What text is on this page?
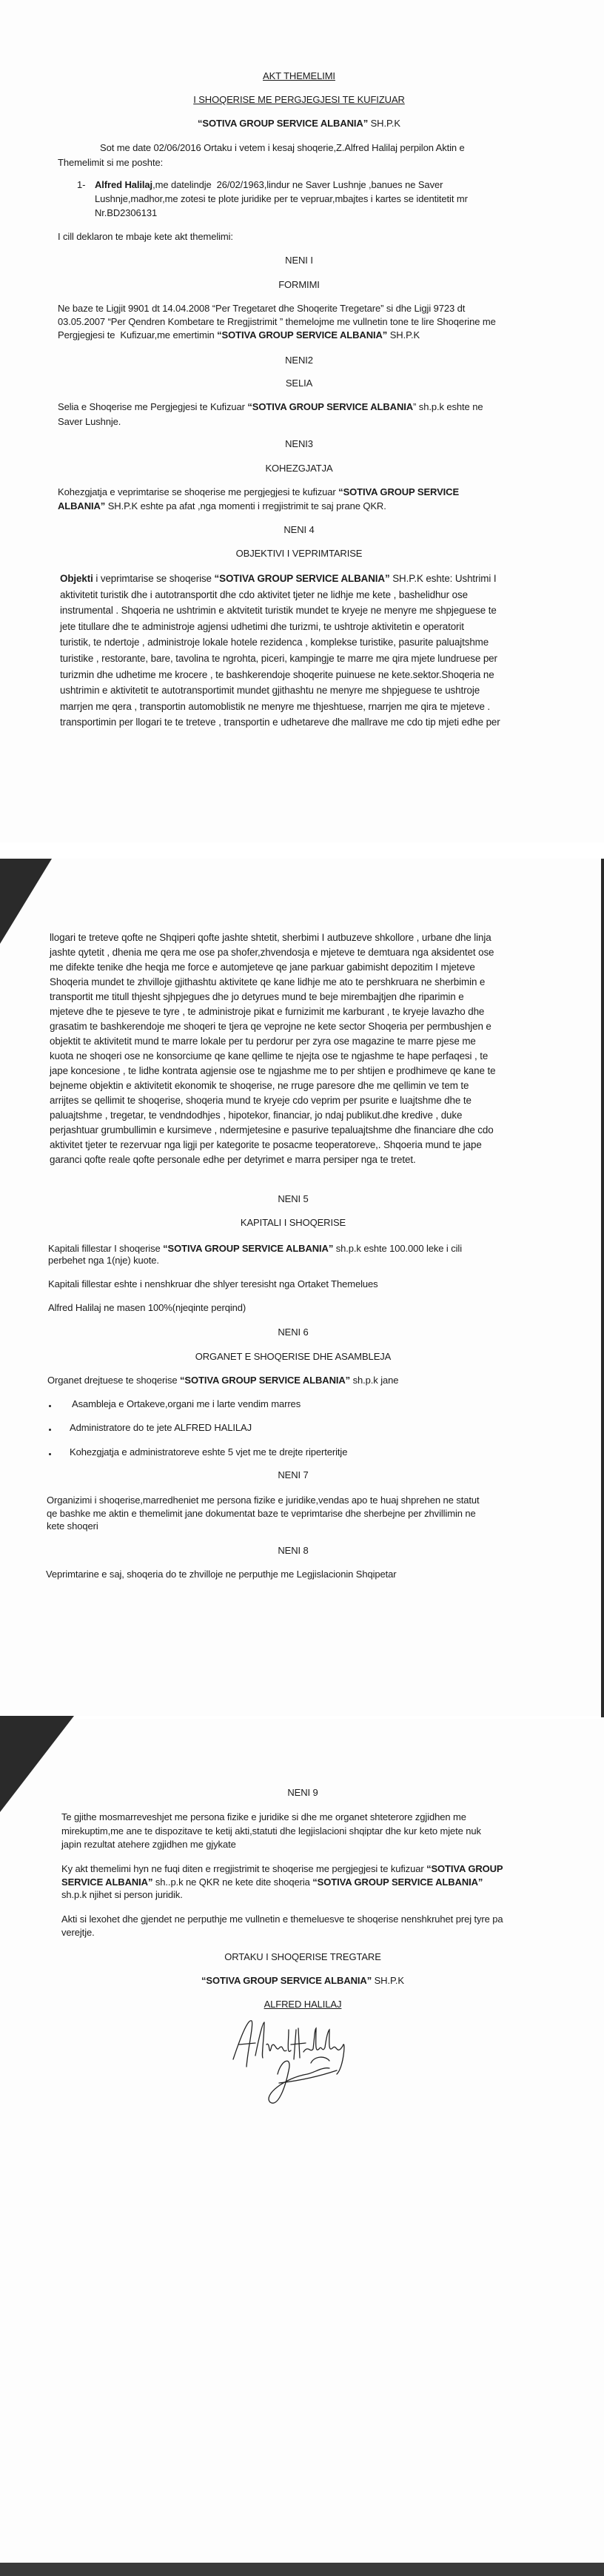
AKT THEMELIMI
I SHOQERISE ME PERGJEGJESI TE KUFIZUAR
“SOTIVA GROUP SERVICE ALBANIA” SH.P.K
Sot me date 02/06/2016 Ortaku i vetem i kesaj shoqerie,Z.Alfred Halilaj perpilon Aktin e
Themelimit si me poshte:
1- Alfred Halilaj,me datelindje  26/02/1963,lindur ne Saver Lushnje ,banues ne Saver
Lushnje,madhor,me zotesi te plote juridike per te vepruar,mbajtes i kartes se identitetit mr
Nr.BD2306131
I cill deklaron te mbaje kete akt themelimi:
NENI I
FORMIMI
Ne baze te Ligjit 9901 dt 14.04.2008 “Per Tregetaret dhe Shoqerite Tregetare” si dhe Ligji 9723 dt
03.05.2007 “Per Qendren Kombetare te Rregjistrimit ” themelojme me vullnetin tone te lire Shoqerine me
Pergjegjesi te  Kufizuar,me emertimin “SOTIVA GROUP SERVICE ALBANIA” SH.P.K
NENI2
SELIA
Selia e Shoqerise me Pergjegjesi te Kufizuar “SOTIVA GROUP SERVICE ALBANIA” sh.p.k eshte ne
Saver Lushnje.
NENI3
KOHEZGJATJA
Kohezgjatja e veprimtarise se shoqerise me pergjegjesi te kufizuar “SOTIVA GROUP SERVICE
ALBANIA” SH.P.K eshte pa afat ,nga momenti i rregjistrimit te saj prane QKR.
NENI 4
OBJEKTIVI I VEPRIMTARISE
Objekti i veprimtarise se shoqerise “SOTIVA GROUP SERVICE ALBANIA” SH.P.K eshte: Ushtrimi I
aktivitetit turistik dhe i autotransportit dhe cdo aktivitet tjeter ne lidhje me kete , bashelidhur ose
instrumental . Shqoeria ne ushtrimin e aktvitetit turistik mundet te kryeje ne menyre me shpjeguese te
jete titullare dhe te administroje agjensi udhetimi dhe turizmi, te ushtroje aktivitetin e operatorit
turistik, te ndertoje , administroje lokale hotele rezidenca , komplekse turistike, pasurite paluajtshme
turistike , restorante, bare, tavolina te ngrohta, piceri, kampingje te marre me qira mjete lundruese per
turizmin dhe udhetime me krocere , te bashkerendoje shoqerite puinuese ne kete.sektor.Shoqeria ne
ushtrimin e aktivitetit te autotransportimit mundet gjithashtu ne menyre me shpjeguese te ushtroje
marrjen me qera , transportin automoblistik ne menyre me thjeshtuese, rnarrjen me qira te mjeteve .
transportimin per llogari te te treteve , transportin e udhetareve dhe mallrave me cdo tip mjeti edhe per
llogari te treteve qofte ne Shqiperi qofte jashte shtetit, sherbimi I autbuzeve shkollore , urbane dhe linja
jashte qytetit , dhenia me qera me ose pa shofer,zhvendosja e mjeteve te demtuara nga aksidentet ose
me difekte tenike dhe heqja me force e automjeteve qe jane parkuar gabimisht depozitim I mjeteve
Shoqeria mundet te zhvilloje gjithashtu aktivitete qe kane lidhje me ato te pershkruara ne sherbimin e
transportit me titull thjesht sjhpjegues dhe jo detyrues mund te beje mirembajtjen dhe riparimin e
mjeteve dhe te pjeseve te tyre , te administroje pikat e furnizimit me karburant , te kryeje lavazho dhe
grasatim te bashkerendoje me shoqeri te tjera qe veprojne ne kete sector Shoqeria per permbushjen e
objektit te aktivitetit mund te marre lokale per tu perdorur per zyra ose magazine te marre pjese me
kuota ne shoqeri ose ne konsorciume qe kane qellime te njejta ose te ngjashme te hape perfaqesi , te
jape koncesione , te lidhe kontrata agjensie ose te ngjashme me to per shtijen e prodhimeve qe kane te
bejneme objektin e aktivitetit ekonomik te shoqerise, ne rruge paresore dhe me qellimin ve tem te
arrijtes se qellimit te shoqerise, shoqeria mund te kryeje cdo veprim per psurite e luajtshme dhe te
paluajtshme , tregetar, te vendndodhjes , hipotekor, financiar, jo ndaj publikut.dhe kredive , duke
perjashtuar grumbullimin e kursimeve , ndermjetesine e pasurive tepaluajtshme dhe financiare dhe cdo
aktivitet tjeter te rezervuar nga ligji per kategorite te posacme teoperatoreve,. Shqoeria mund te jape
garanci qofte reale qofte personale edhe per detyrimet e marra persiper nga te tretet.
NENI 5
KAPITALI I SHOQERISE
Kapitali fillestar I shoqerise “SOTIVA GROUP SERVICE ALBANIA” sh.p.k eshte 100.000 leke i cili
perbehet nga 1(nje) kuote.
Kapitali fillestar eshte i nenshkruar dhe shlyer teresisht nga Ortaket Themelues
Alfred Halilaj ne masen 100%(njeqinte perqind)
NENI 6
ORGANET E SHOQERISE DHE ASAMBLEJA
Organet drejtuese te shoqerise “SOTIVA GROUP SERVICE ALBANIA” sh.p.k jane
Asambleja e Ortakeve,organi me i larte vendim marres
Administratore do te jete ALFRED HALILAJ
Kohezgjatja e administratoreve eshte 5 vjet me te drejte riperteritje
NENI 7
Organizimi i shoqerise,marredheniet me persona fizike e juridike,vendas apo te huaj shprehen ne statut
qe bashke me aktin e themelimit jane dokumentat baze te veprimtarise dhe sherbejne per zhvillimin ne
kete shoqeri
NENI 8
Veprimtarine e saj, shoqeria do te zhvilloje ne perputhje me Legjislacionin Shqipetar
NENI 9
Te gjithe mosmarreveshjet me persona fizike e juridike si dhe me organet shteterore zgjidhen me
mirekuptim,me ane te dispozitave te ketij akti,statuti dhe legjislacioni shqiptar dhe kur keto mjete nuk
japin rezultat atehere zgjidhen me gjykate
Ky akt themelimi hyn ne fuqi diten e rregjistrimit te shoqerise me pergjegjesi te kufizuar “SOTIVA GROUP
SERVICE ALBANIA” sh..p.k ne QKR ne kete dite shoqeria “SOTIVA GROUP SERVICE ALBANIA”
sh.p.k njihet si person juridik.
Akti si lexohet dhe gjendet ne perputhje me vullnetin e themeluesve te shoqerise nenshkruhet prej tyre pa
verejtje.
ORTAKU I SHOQERISE TREGTARE
“SOTIVA GROUP SERVICE ALBANIA” SH.P.K
ALFRED HALILAJ
